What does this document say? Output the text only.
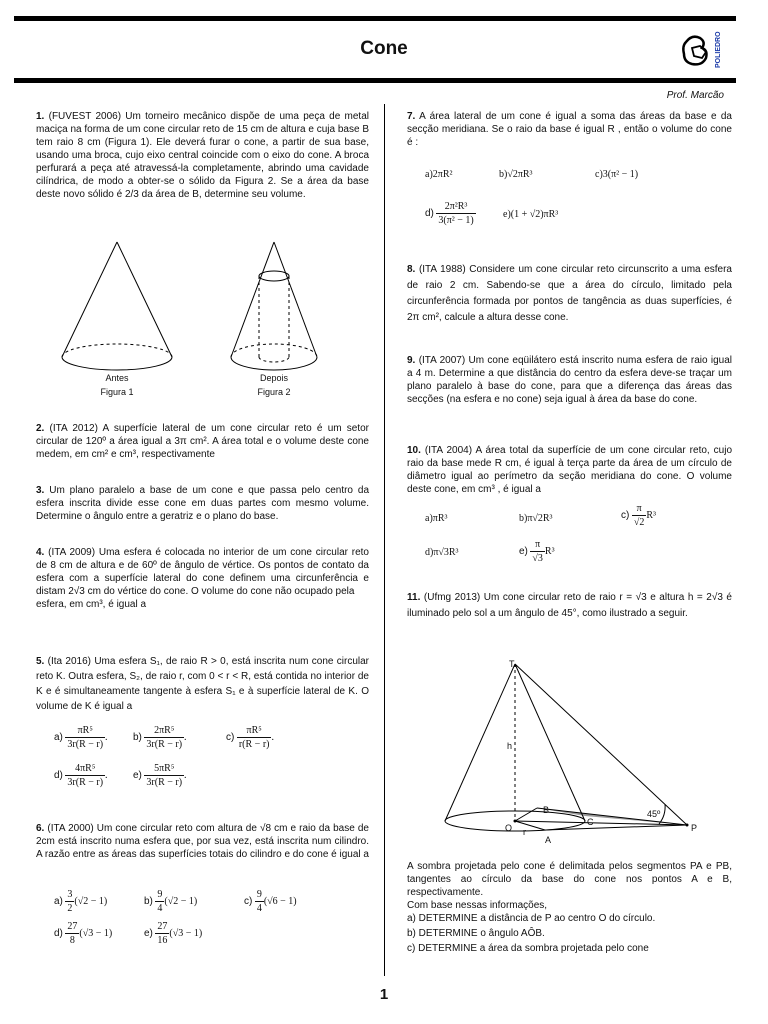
Cone	POLIEDRO
Prof. Marcão
1. (FUVEST 2006) Um torneiro mecânico dispõe de uma peça de metal maciça na forma de um cone circular reto de 15 cm de altura e cuja base B tem raio 8 cm (Figura 1). Ele deverá furar o cone, a partir de sua base, usando uma broca, cujo eixo central coincide com o eixo do cone. A broca perfurará a peça até atravessá-la completamente, abrindo uma cavidade cilíndrica, de modo a obter-se o sólido da Figura 2. Se a área da base deste novo sólido é 2/3 da área de B, determine seu volume.
Antes
Figura 1
Depois
Figura 2
2. (ITA 2012) A superfície lateral de um cone circular reto é um setor circular de 120º a área igual a 3π cm². A área total e o volume deste cone medem, em cm² e cm³, respectivamente
3. Um plano paralelo a base de um cone e que passa pelo centro da esfera inscrita divide esse cone em duas partes com mesmo volume. Determine o ângulo entre a geratriz e o plano do base.
4. (ITA 2009) Uma esfera é colocada no interior de um cone circular reto de 8 cm de altura e de 60º de ângulo de vértice. Os pontos de contato da esfera com a superfície lateral do cone definem uma circunferência e distam 2√3 cm do vértice do cone. O volume do cone não ocupado pela
esfera, em cm³, é igual a
5. (Ita 2016) Uma esfera S₁, de raio R > 0, está inscrita num cone circular reto K. Outra esfera, S₂, de raio r, com 0 < r < R, está contida no interior de K e é simultaneamente tangente à esfera S₁ e à superfície lateral de K. O volume de K é igual a
$a) \frac{\text{πR⁵}}{3r(R - r)}$ .	$b) \frac{\text{2πR⁵}}{3r(R - r)}$ .	$c) \frac{\text{πR⁵}}{r(R - r)}$ .
$d) \frac{\text{4πR⁵}}{3r(R - r)}$ .	$e) \frac{\text{5πR⁵}}{3r(R - r)}$ .
6. (ITA 2000) Um cone circular reto com altura de √8 cm e raio da base de 2cm está inscrito numa esfera que, por sua vez, está inscrita num cilindro. A razão entre as áreas das superfícies totais do cilindro e do cone é igual a
$a) \frac{3}{2} (√2 - 1)$	$b) \frac{9}{4} (√2 - 1)$	$c) \frac{9}{4} (√6 - 1)$
$d) \frac{27}{8} (√3 - 1)$	$e) \frac{27}{16} (√3 - 1)$
7. A área lateral de um cone é igual a soma das áreas da base e da secção meridiana. Se o raio da base é igual R , então o volume do cone é :
a)2πR²	b)√2πR³	c)3(π² − 1)
$d) \frac{\text{2π²R³}}{\text{3(π² − 1)}}$	e)(1 + √2)πR³
8. (ITA 1988) Considere um cone circular reto circunscrito a uma esfera de raio 2 cm. Sabendo-se que a área do círculo, limitado pela circunferência formada por pontos de tangência as duas superfícies, é 2π cm², calcule a altura desse cone.
9. (ITA 2007) Um cone eqüilátero está inscrito numa esfera de raio igual a 4 m. Determine a que distância do centro da esfera deve-se traçar um plano paralelo à base do cone, para que a diferença das áreas das secções (na esfera e no cone) seja igual à área da base do cone.
10. (ITA 2004) A área total da superfície de um cone circular reto, cujo raio da base mede R cm, é igual à terça parte da área de um círculo de diâmetro igual ao perímetro da seção meridiana do cone. O volume deste cone, em cm³ , é igual a
a)πR³	b)π√2R³	$c) \frac{\pi}{√2} R^3$
d)π√3R³	$e) \frac{\pi}{√3} R^3$
11. (Ufmg 2013) Um cone circular reto de raio r = √3 e altura h = 2√3 é iluminado pelo sol a um ângulo de 45°, como ilustrado a seguir.
T
h
B
O r
A
C
45º
P
A sombra projetada pelo cone é delimitada pelos segmentos PA e PB, tangentes ao círculo da base do cone nos pontos A e B, respectivamente.
Com base nessas informações,
a) DETERMINE a distância de P ao centro O do círculo.
b) DETERMINE o ângulo AÔB.
c) DETERMINE a área da sombra projetada pelo cone
1
